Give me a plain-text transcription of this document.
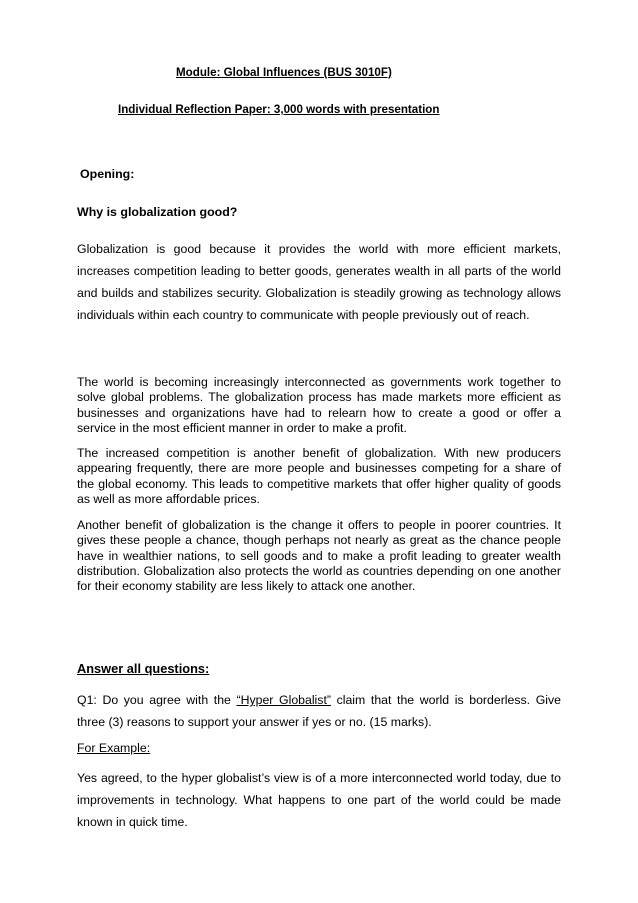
Module: Global Influences (BUS 3010F)

Individual Reflection Paper: 3,000 words with presentation

Opening:

Why is globalization good?

Globalization is good because it provides the world with more efficient markets, increases competition leading to better goods, generates wealth in all parts of the world and builds and stabilizes security. Globalization is steadily growing as technology allows individuals within each country to communicate with people previously out of reach.

The world is becoming increasingly interconnected as governments work together to solve global problems. The globalization process has made markets more efficient as businesses and organizations have had to relearn how to create a good or offer a service in the most efficient manner in order to make a profit.

The increased competition is another benefit of globalization. With new producers appearing frequently, there are more people and businesses competing for a share of the global economy. This leads to competitive markets that offer higher quality of goods as well as more affordable prices.

Another benefit of globalization is the change it offers to people in poorer countries. It gives these people a chance, though perhaps not nearly as great as the chance people have in wealthier nations, to sell goods and to make a profit leading to greater wealth distribution. Globalization also protects the world as countries depending on one another for their economy stability are less likely to attack one another.

Answer all questions:

Q1: Do you agree with the “Hyper Globalist” claim that the world is borderless. Give three (3) reasons to support your answer if yes or no. (15 marks).

For Example:

Yes agreed, to the hyper globalist’s view is of a more interconnected world today, due to improvements in technology. What happens to one part of the world could be made known in quick time.
